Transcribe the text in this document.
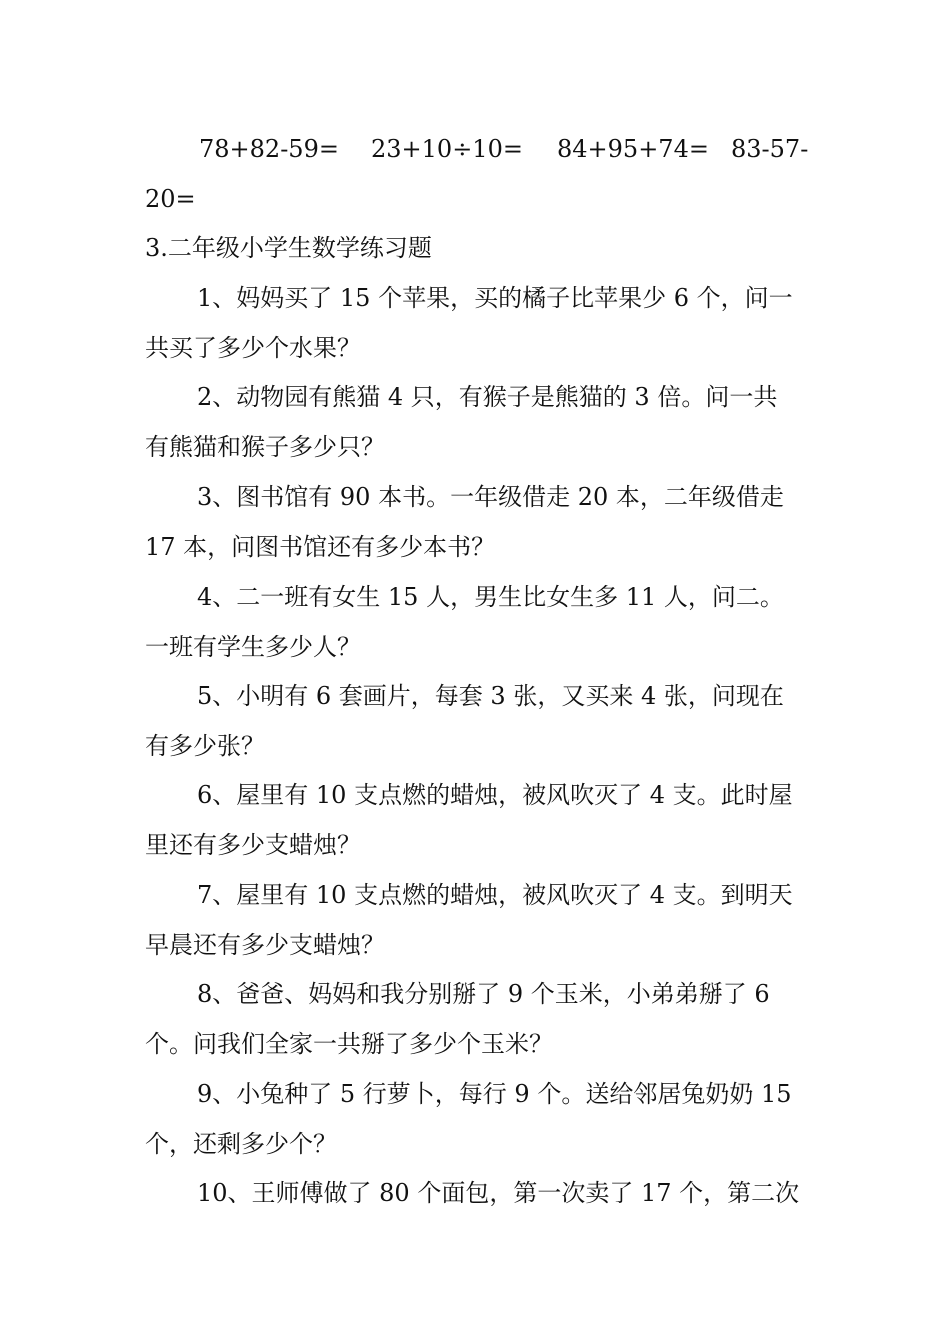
78+82-59= 23+10÷10= 84+95+74= 83-57-
20=
3.二年级小学生数学练习题
1、妈妈买了 15 个苹果，买的橘子比苹果少 6 个，问一
共买了多少个水果？
2、动物园有熊猫 4 只，有猴子是熊猫的 3 倍。问一共
有熊猫和猴子多少只？
3、图书馆有 90 本书。一年级借走 20 本，二年级借走
17 本，问图书馆还有多少本书？
4、二一班有女生 15 人，男生比女生多 11 人，问二。
一班有学生多少人？
5、小明有 6 套画片，每套 3 张，又买来 4 张，问现在
有多少张？
6、屋里有 10 支点燃的蜡烛，被风吹灭了 4 支。此时屋
里还有多少支蜡烛？
7、屋里有 10 支点燃的蜡烛，被风吹灭了 4 支。到明天
早晨还有多少支蜡烛？
8、爸爸、妈妈和我分别掰了 9 个玉米，小弟弟掰了 6
个。问我们全家一共掰了多少个玉米？
9、小兔种了 5 行萝卜，每行 9 个。送给邻居兔奶奶 15
个，还剩多少个？
10、王师傅做了 80 个面包，第一次卖了 17 个，第二次
